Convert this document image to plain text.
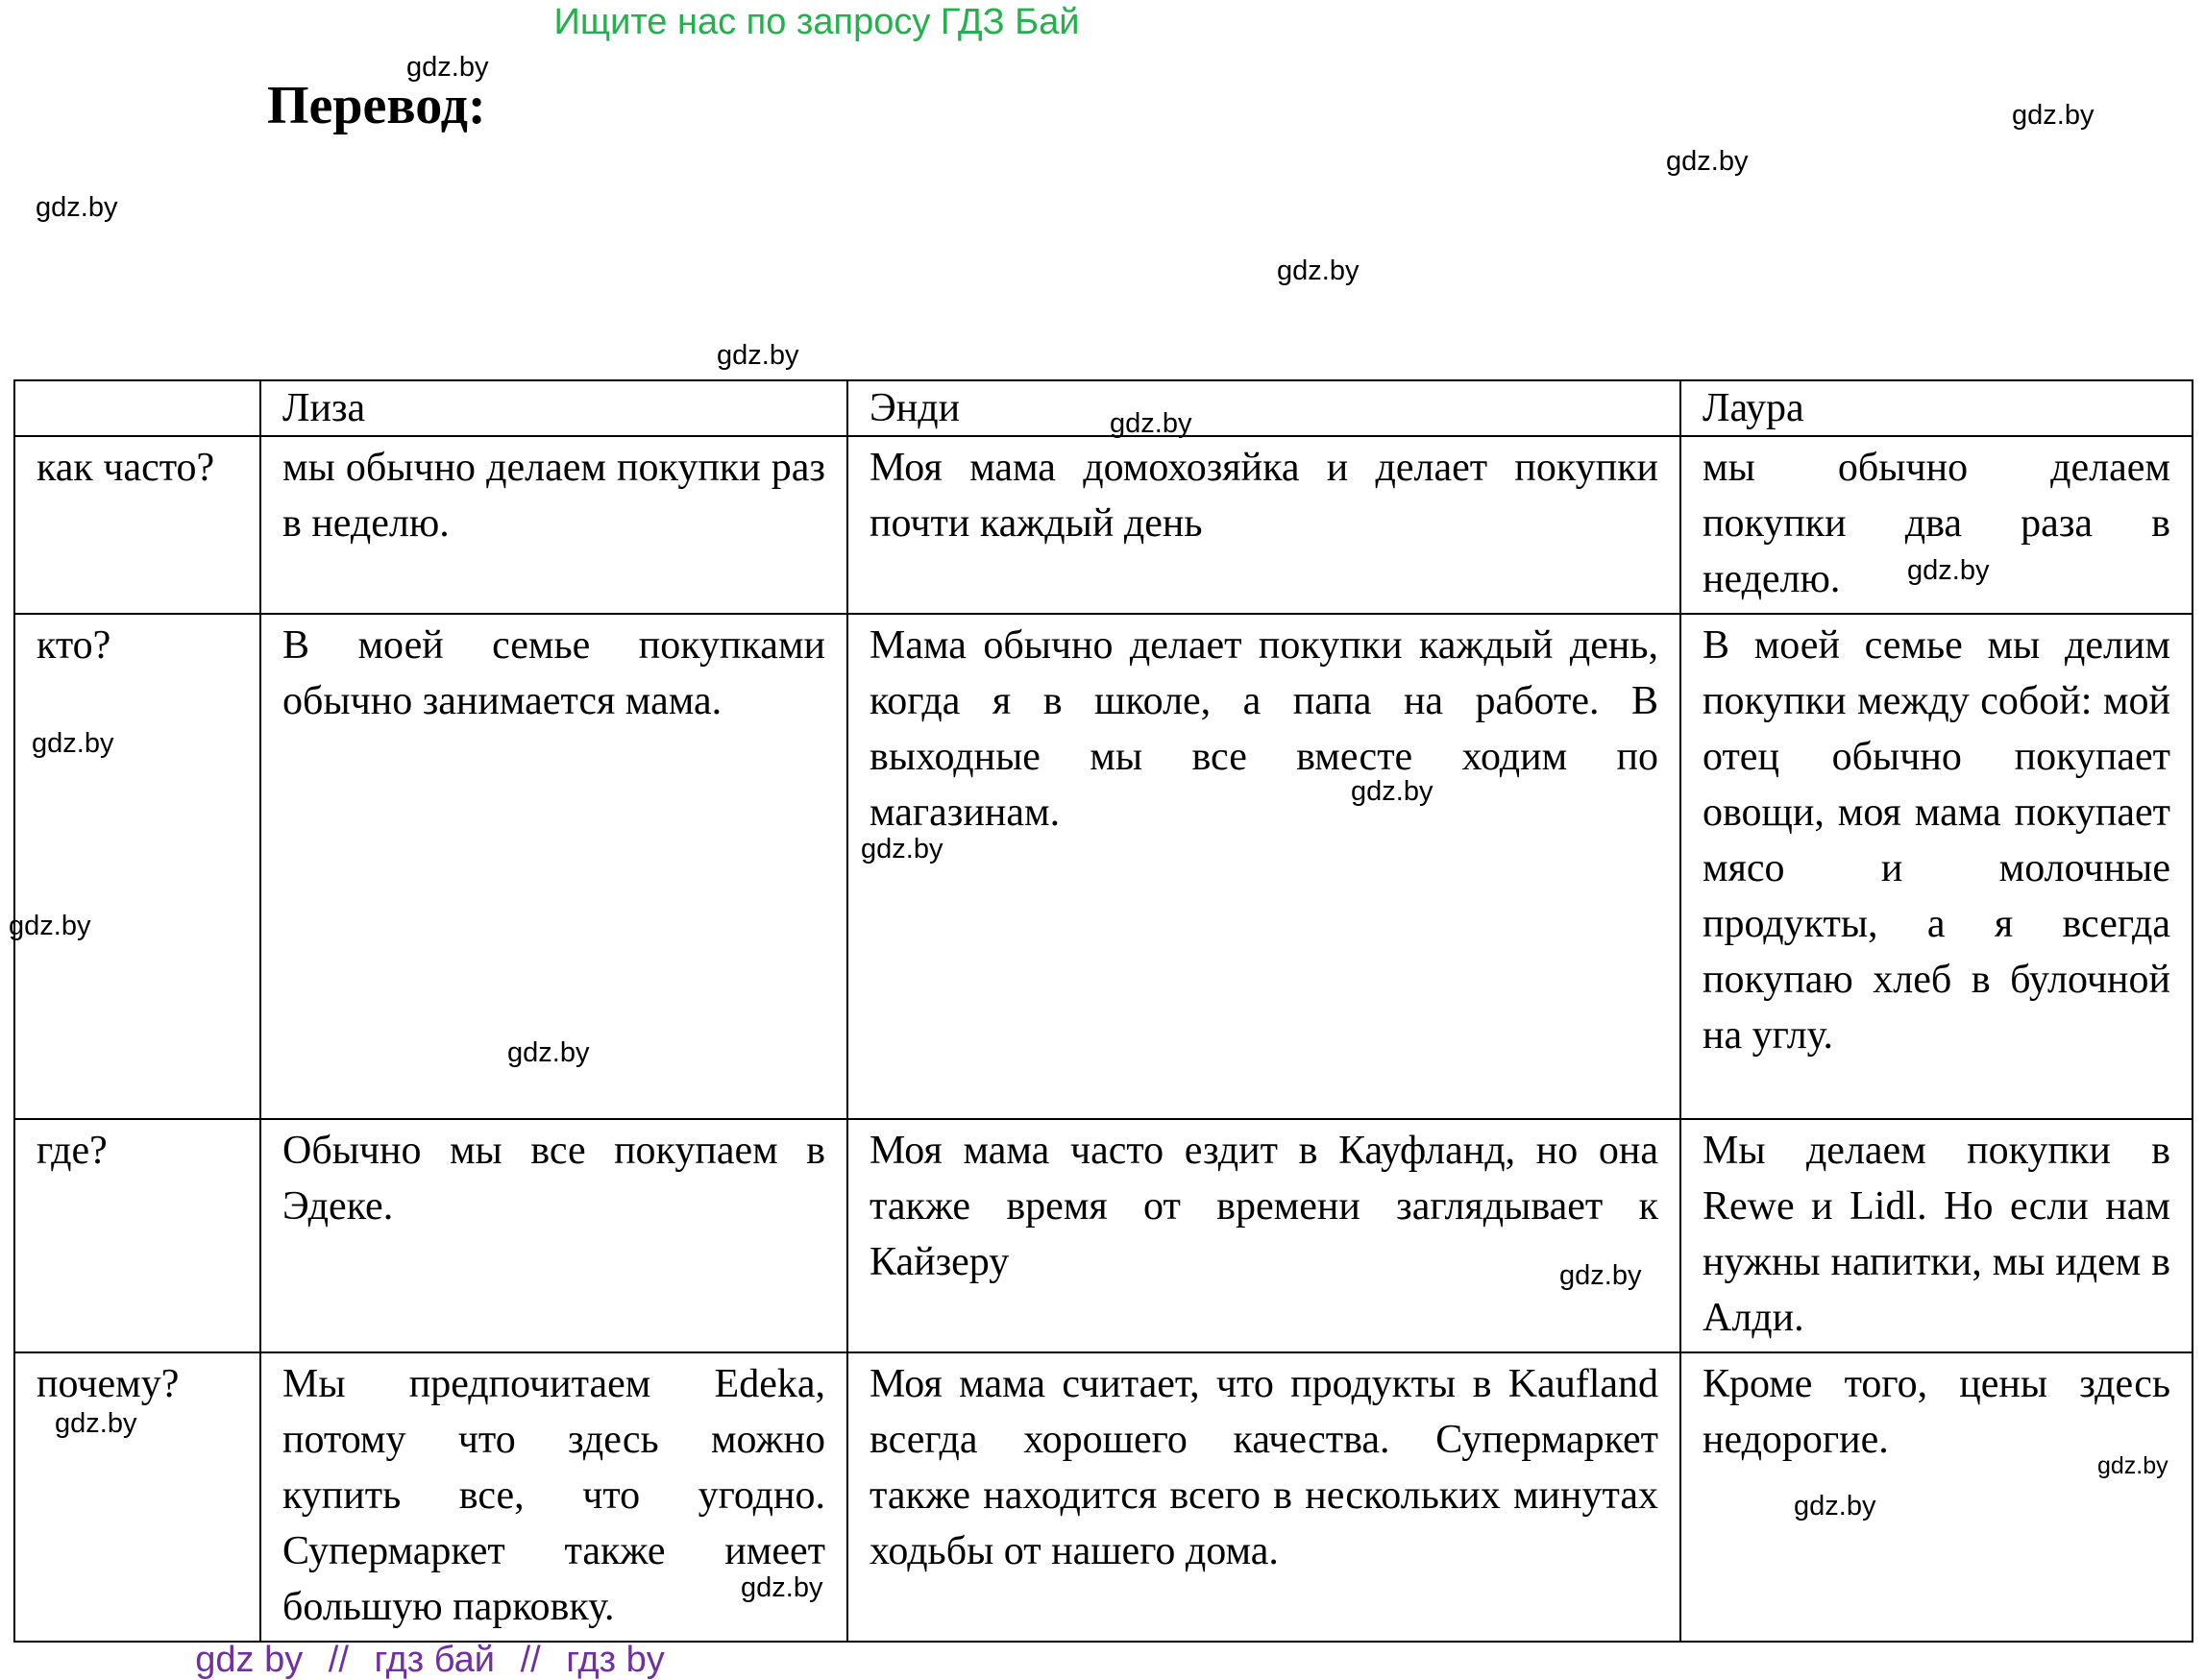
Ищите нас по запросу ГДЗ Бай
Перевод:
gdz.by
gdz.by
gdz.by
gdz.by
gdz.by
gdz.by
	Лиза	Энди	Лаура
как часто?	мы обычно делаем покупки раз в неделю.	Моя мама домохозяйка и делает покупки почти каждый день	мы обычно делаем покупки два раза в неделю.
кто?	В моей семье покупками обычно занимается мама.	Мама обычно делает покупки каждый день, когда я в школе, а папа на работе. В выходные мы все вместе ходим по магазинам.	В моей семье мы делим покупки между собой: мой отец обычно покупает овощи, моя мама покупает мясо и молочные продукты, а я всегда покупаю хлеб в булочной на углу.
где?	Обычно мы все покупаем в Эдеке.	Моя мама часто ездит в Кауфланд, но она также время от времени заглядывает к Кайзеру	Мы делаем покупки в Rewe и Lidl. Но если нам нужны напитки, мы идем в Алди.
почему?	Мы предпочитаем Edeka, потому что здесь можно купить все, что угодно. Супермаркет также имеет большую парковку.	Моя мама считает, что продукты в Kaufland всегда хорошего качества. Супермаркет также находится всего в нескольких минутах ходьбы от нашего дома.	Кроме того, цены здесь недорогие.
gdz.by
gdz.by
gdz.by
gdz.by
gdz.by
gdz.by
gdz.by
gdz.by
gdz.by
gdz.by
gdz.by
gdz.by
gdz by // гдз бай // гдз by
